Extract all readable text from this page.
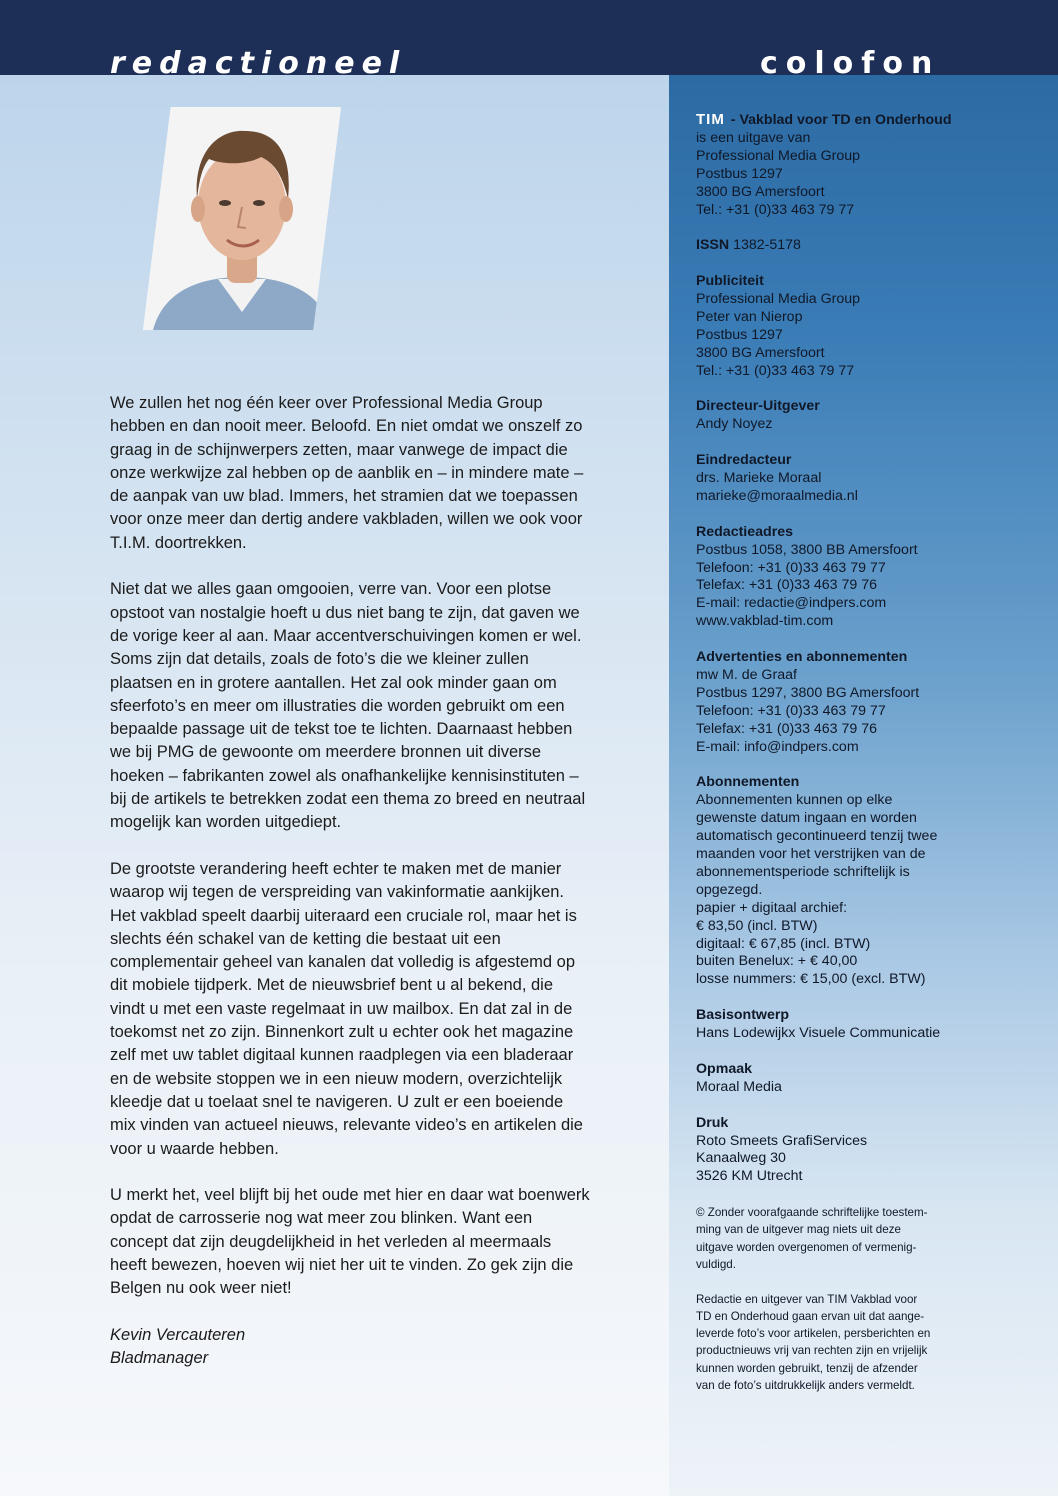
redactioneel	colofon

We zullen het nog één keer over Professional Media Group hebben en dan nooit meer. Beloofd. En niet omdat we onszelf zo graag in de schijnwerpers zetten, maar vanwege de impact die onze werkwijze zal hebben op de aanblik en – in mindere mate – de aanpak van uw blad. Immers, het stramien dat we toepassen voor onze meer dan dertig andere vakbladen, willen we ook voor T.I.M. doortrekken.

Niet dat we alles gaan omgooien, verre van. Voor een plotse opstoot van nostalgie hoeft u dus niet bang te zijn, dat gaven we de vorige keer al aan. Maar accentverschuivingen komen er wel. Soms zijn dat details, zoals de foto’s die we kleiner zullen plaatsen en in grotere aantallen. Het zal ook minder gaan om sfeerfoto’s en meer om illustraties die worden gebruikt om een bepaalde passage uit de tekst toe te lichten. Daarnaast hebben we bij PMG de gewoonte om meerdere bronnen uit diverse hoeken – fabrikanten zowel als onafhankelijke kennisinstituten – bij de artikels te betrekken zodat een thema zo breed en neutraal mogelijk kan worden uitgediept.

De grootste verandering heeft echter te maken met de manier waarop wij tegen de verspreiding van vakinformatie aankijken. Het vakblad speelt daarbij uiteraard een cruciale rol, maar het is slechts één schakel van de ketting die bestaat uit een complementair geheel van kanalen dat volledig is afgestemd op dit mobiele tijdperk. Met de nieuwsbrief bent u al bekend, die vindt u met een vaste regelmaat in uw mailbox. En dat zal in de toekomst net zo zijn. Binnenkort zult u echter ook het magazine zelf met uw tablet digitaal kunnen raadplegen via een bladeraar en de website stoppen we in een nieuw modern, overzichtelijk kleedje dat u toelaat snel te navigeren. U zult er een boeiende mix vinden van actueel nieuws, relevante video’s en artikelen die voor u waarde hebben.

U merkt het, veel blijft bij het oude met hier en daar wat boenwerk opdat de carrosserie nog wat meer zou blinken. Want een concept dat zijn deugdelijkheid in het verleden al meermaals heeft bewezen, hoeven wij niet her uit te vinden. Zo gek zijn die Belgen nu ook weer niet!

Kevin Vercauteren
Bladmanager
TIM - Vakblad voor TD en Onderhoud
is een uitgave van
Professional Media Group
Postbus 1297
3800 BG Amersfoort
Tel.: +31 (0)33 463 79 77
ISSN 1382-5178
Publiciteit
Professional Media Group
Peter van Nierop
Postbus 1297
3800 BG Amersfoort
Tel.: +31 (0)33 463 79 77
Directeur-Uitgever
Andy Noyez
Eindredacteur
drs. Marieke Moraal
marieke@moraalmedia.nl
Redactieadres
Postbus 1058, 3800 BB Amersfoort
Telefoon: +31 (0)33 463 79 77
Telefax: +31 (0)33 463 79 76
E-mail: redactie@indpers.com
www.vakblad-tim.com
Advertenties en abonnementen
mw M. de Graaf
Postbus 1297, 3800 BG Amersfoort
Telefoon: +31 (0)33 463 79 77
Telefax: +31 (0)33 463 79 76
E-mail: info@indpers.com
Abonnementen
Abonnementen kunnen op elke
gewenste datum ingaan en worden
automatisch gecontinueerd tenzij twee
maanden voor het verstrijken van de
abonnementsperiode schriftelijk is
opgezegd.
papier + digitaal archief:
€ 83,50 (incl. BTW)
digitaal: € 67,85 (incl. BTW)
buiten Benelux: + € 40,00
losse nummers: € 15,00 (excl. BTW)
Basisontwerp
Hans Lodewijkx Visuele Communicatie
Opmaak
Moraal Media
Druk
Roto Smeets GrafiServices
Kanaalweg 30
3526 KM Utrecht

© Zonder voorafgaande schriftelijke toestem-
ming van de uitgever mag niets uit deze
uitgave worden overgenomen of vermenig-
vuldigd.

Redactie en uitgever van TIM Vakblad voor
TD en Onderhoud gaan ervan uit dat aange-
leverde foto’s voor artikelen, persberichten en
productnieuws vrij van rechten zijn en vrijelijk
kunnen worden gebruikt, tenzij de afzender
van de foto’s uitdrukkelijk anders vermeldt.
